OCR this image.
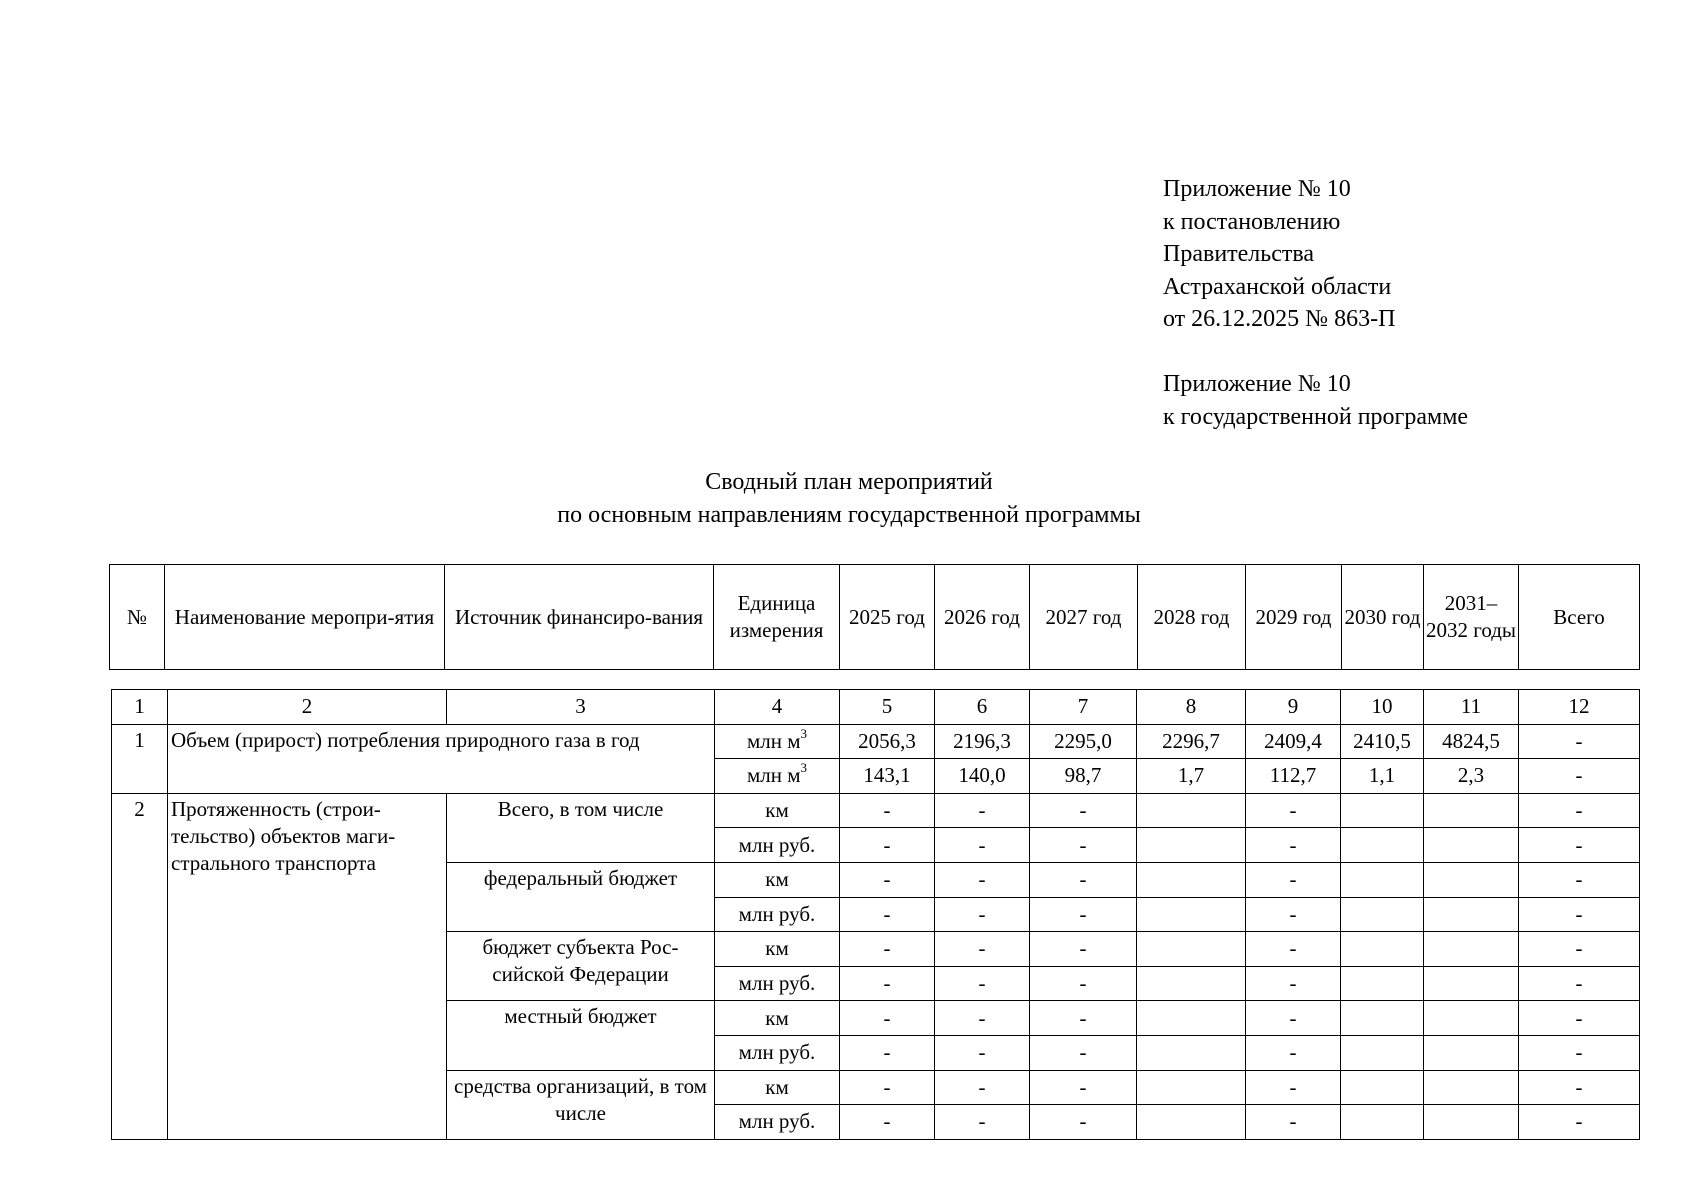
Приложение № 10
к постановлению
Правительства
Астраханской области
от 26.12.2025 № 863-П
Приложение № 10
к государственной программе
Сводный план мероприятий
по основным направлениям государственной программы
№	Наименование меропри-ятия	Источник финансиро-вания	Единица измерения	2025 год	2026 год	2027 год	2028 год	2029 год	2030 год	2031–2032 годы	Всего
1	2	3	4	5	6	7	8	9	10	11	12
1	Объем (прирост) потребления природного газа в год		млн $м^3$	2056,3	2196,3	2295,0	2296,7	2409,4	2410,5	4824,5	-
			млн $м^3$	143,1	140,0	98,7	1,7	112,7	1,1	2,3	-
2	Протяженность (строи-тельство) объектов маги-стрального транспорта	Всего, в том числе	км	-	-	-		-			-
			млн руб.	-	-	-		-			-
		федеральный бюджет	км	-	-	-		-			-
			млн руб.	-	-	-		-			-
		бюджет субъекта Рос-сийской Федерации	км	-	-	-		-			-
			млн руб.	-	-	-		-			-
		местный бюджет	км	-	-	-		-			-
			млн руб.	-	-	-		-			-
		средства организаций, в том числе	км	-	-	-		-			-
			млн руб.	-	-	-		-			-
